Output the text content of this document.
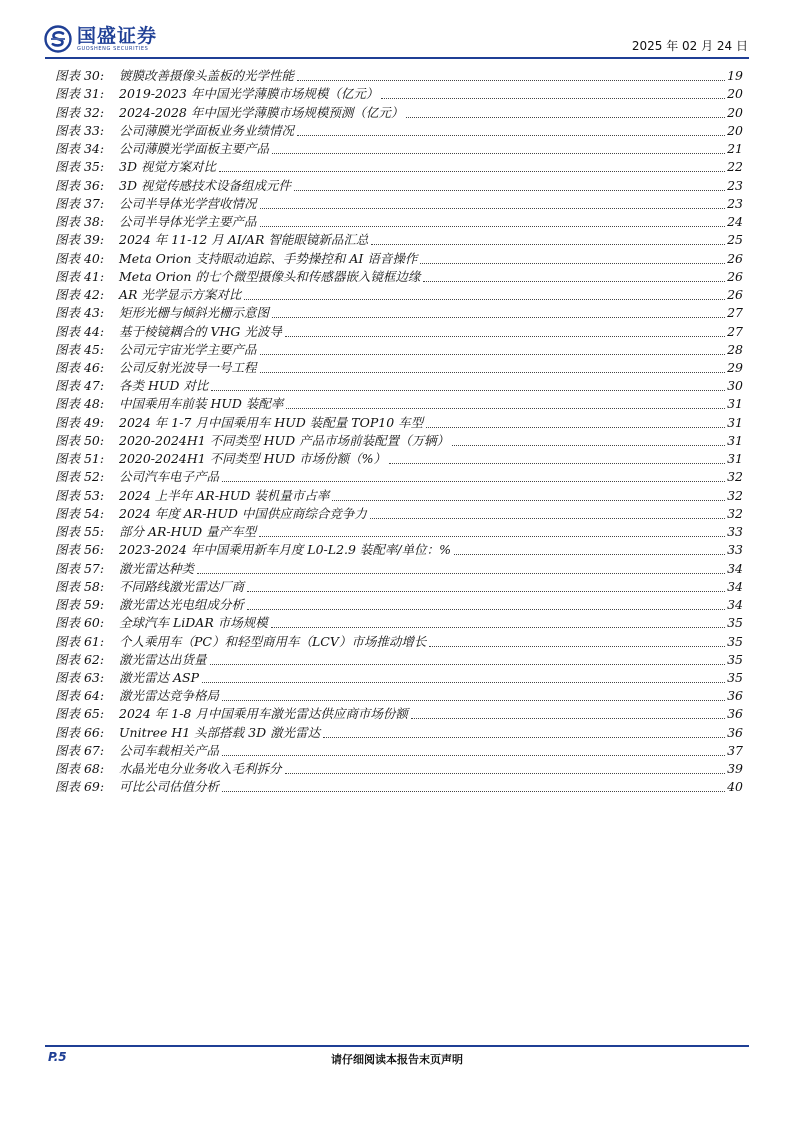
国盛证券
GUOSHENG SECURITIES	2025 年 02 月 24 日
图表 30:	镀膜改善摄像头盖板的光学性能	19
图表 31:	2019-2023 年中国光学薄膜市场规模（亿元）	20
图表 32:	2024-2028 年中国光学薄膜市场规模预测（亿元）	20
图表 33:	公司薄膜光学面板业务业绩情况	20
图表 34:	公司薄膜光学面板主要产品	21
图表 35:	3D 视觉方案对比	22
图表 36:	3D 视觉传感技术设备组成元件	23
图表 37:	公司半导体光学营收情况	23
图表 38:	公司半导体光学主要产品	24
图表 39:	2024 年 11-12 月 AI/AR 智能眼镜新品汇总	25
图表 40:	Meta Orion 支持眼动追踪、手势操控和 AI 语音操作	26
图表 41:	Meta Orion 的七个微型摄像头和传感器嵌入镜框边缘	26
图表 42:	AR 光学显示方案对比	26
图表 43:	矩形光栅与倾斜光栅示意图	27
图表 44:	基于棱镜耦合的 VHG 光波导	27
图表 45:	公司元宇宙光学主要产品	28
图表 46:	公司反射光波导一号工程	29
图表 47:	各类 HUD 对比	30
图表 48:	中国乘用车前装 HUD 装配率	31
图表 49:	2024 年 1-7 月中国乘用车 HUD 装配量 TOP10 车型	31
图表 50:	2020-2024H1 不同类型 HUD 产品市场前装配置（万辆）	31
图表 51:	2020-2024H1 不同类型 HUD 市场份额（%）	31
图表 52:	公司汽车电子产品	32
图表 53:	2024 上半年 AR-HUD 装机量市占率	32
图表 54:	2024 年度 AR-HUD 中国供应商综合竞争力	32
图表 55:	部分 AR-HUD 量产车型	33
图表 56:	2023-2024 年中国乘用新车月度 L0-L2.9 装配率/单位：%	33
图表 57:	激光雷达种类	34
图表 58:	不同路线激光雷达厂商	34
图表 59:	激光雷达光电组成分析	34
图表 60:	全球汽车 LiDAR 市场规模	35
图表 61:	个人乘用车（PC）和轻型商用车（LCV）市场推动增长	35
图表 62:	激光雷达出货量	35
图表 63:	激光雷达 ASP	35
图表 64:	激光雷达竞争格局	36
图表 65:	2024 年 1-8 月中国乘用车激光雷达供应商市场份额	36
图表 66:	Unitree H1 头部搭载 3D 激光雷达	36
图表 67:	公司车载相关产品	37
图表 68:	水晶光电分业务收入毛利拆分	39
图表 69:	可比公司估值分析	40
P.5	请仔细阅读本报告末页声明
